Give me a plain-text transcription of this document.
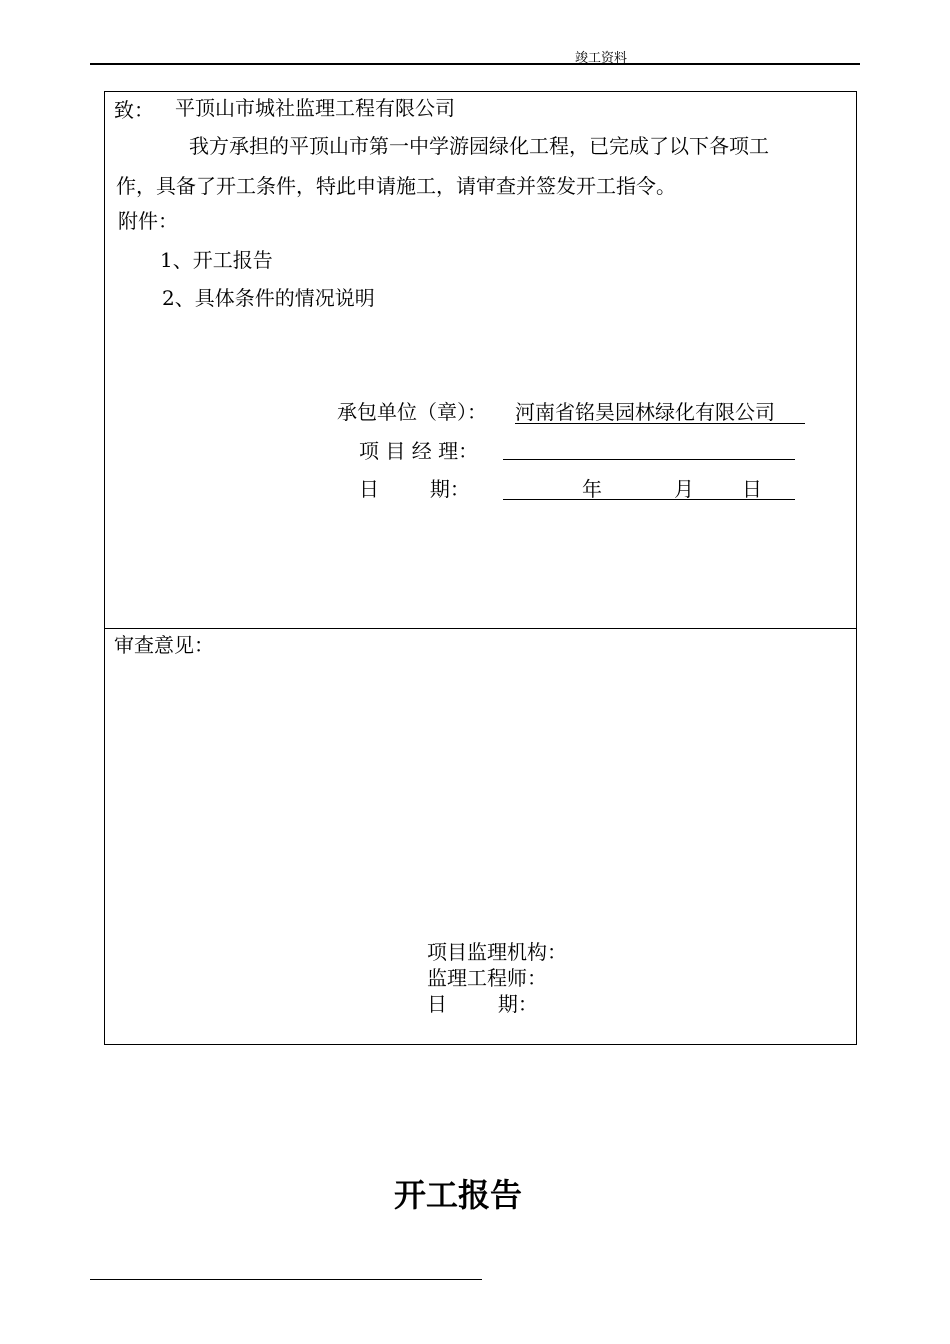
竣工资料
致： 平顶山市城社监理工程有限公司
我方承担的平顶山市第一中学游园绿化工程，已完成了以下各项工
作，具备了开工条件，特此申请施工，请审查并签发开工指令。
附件：
1、开工报告
2、具体条件的情况说明
承包单位（章）： 河南省铭昊园林绿化有限公司
项 目 经 理：
日        期：	年	月 日
审查意见：
项目监理机构：
监理工程师：
日        期：
开工报告
